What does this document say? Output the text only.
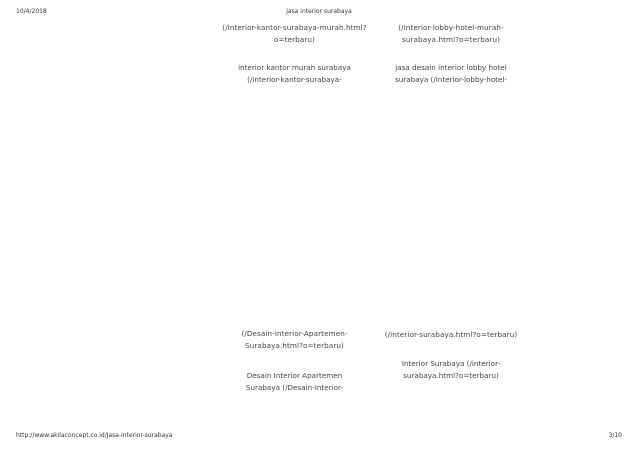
10/4/2018	jasa interior surabaya
(/interior-kantor-surabaya-murah.html?
o=terbaru)
interior kantor murah surabaya
(/interior-kantor-surabaya-
(/interior-lobby-hotel-murah-
surabaya.html?o=terbaru)
jasa desain interior lobby hotel
surabaya (/interior-lobby-hotel-
(/Desain-Interior-Apartemen-
Surabaya.html?o=terbaru)
Desain Interior Apartemen
Surabaya (/Desain-Interior-
(/interior-surabaya.html?o=terbaru)
Interior Surabaya (/interior-
surabaya.html?o=terbaru)
http://www.akilaconcept.co.id/Jasa-interior-surabaya	3/10
